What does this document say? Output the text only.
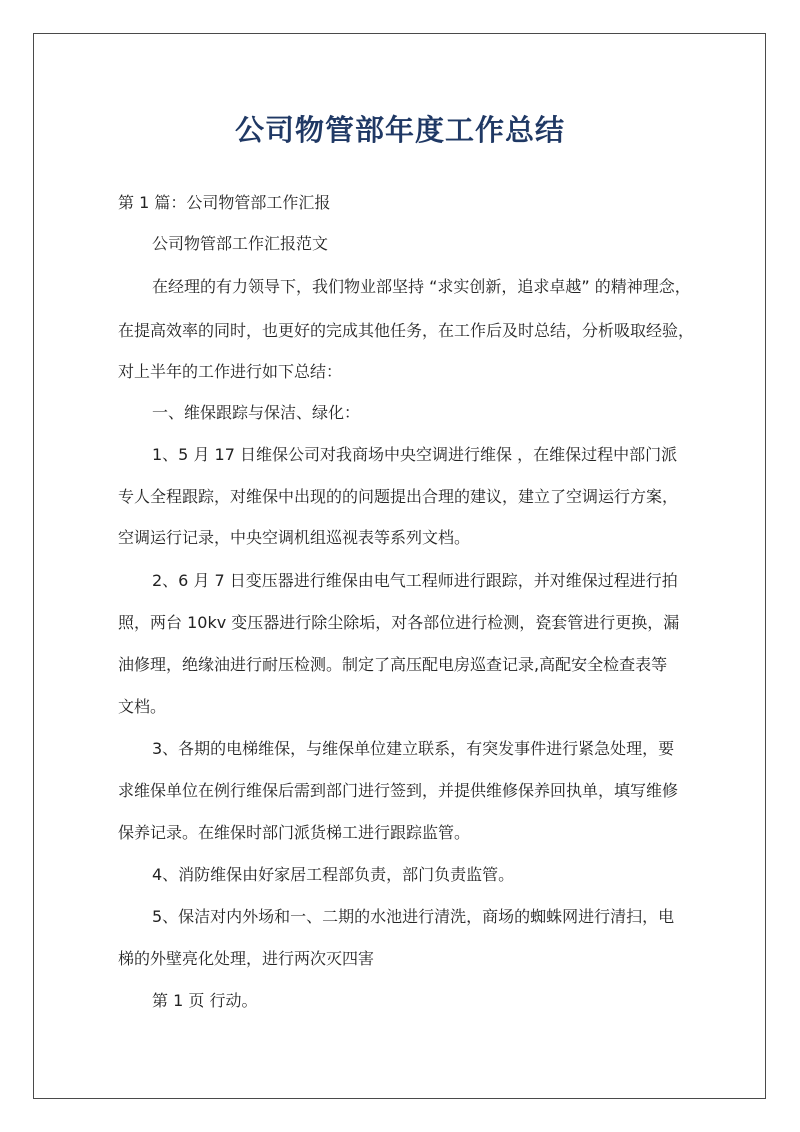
公司物管部年度工作总结
第 1 篇：公司物管部工作汇报
公司物管部工作汇报范文
在经理的有力领导下，我们物业部坚持 “求实创新，追求卓越” 的精神理念，
在提高效率的同时，也更好的完成其他任务，在工作后及时总结，分析吸取经验，
对上半年的工作进行如下总结：
一、维保跟踪与保洁、绿化：
1、5 月 17 日维保公司对我商场中央空调进行维保 ，在维保过程中部门派
专人全程跟踪，对维保中出现的的问题提出合理的建议，建立了空调运行方案，
空调运行记录，中央空调机组巡视表等系列文档。
2、6 月 7 日变压器进行维保由电气工程师进行跟踪，并对维保过程进行拍
照，两台 10kv 变压器进行除尘除垢，对各部位进行检测，瓷套管进行更换，漏
油修理，绝缘油进行耐压检测。制定了高压配电房巡查记录,高配安全检查表等
文档。
3、各期的电梯维保，与维保单位建立联系，有突发事件进行紧急处理，要
求维保单位在例行维保后需到部门进行签到，并提供维修保养回执单，填写维修
保养记录。在维保时部门派货梯工进行跟踪监管。
4、消防维保由好家居工程部负责，部门负责监管。
5、保洁对内外场和一、二期的水池进行清洗，商场的蜘蛛网进行清扫，电
梯的外壁亮化处理，进行两次灭四害
第 1 页 行动。
